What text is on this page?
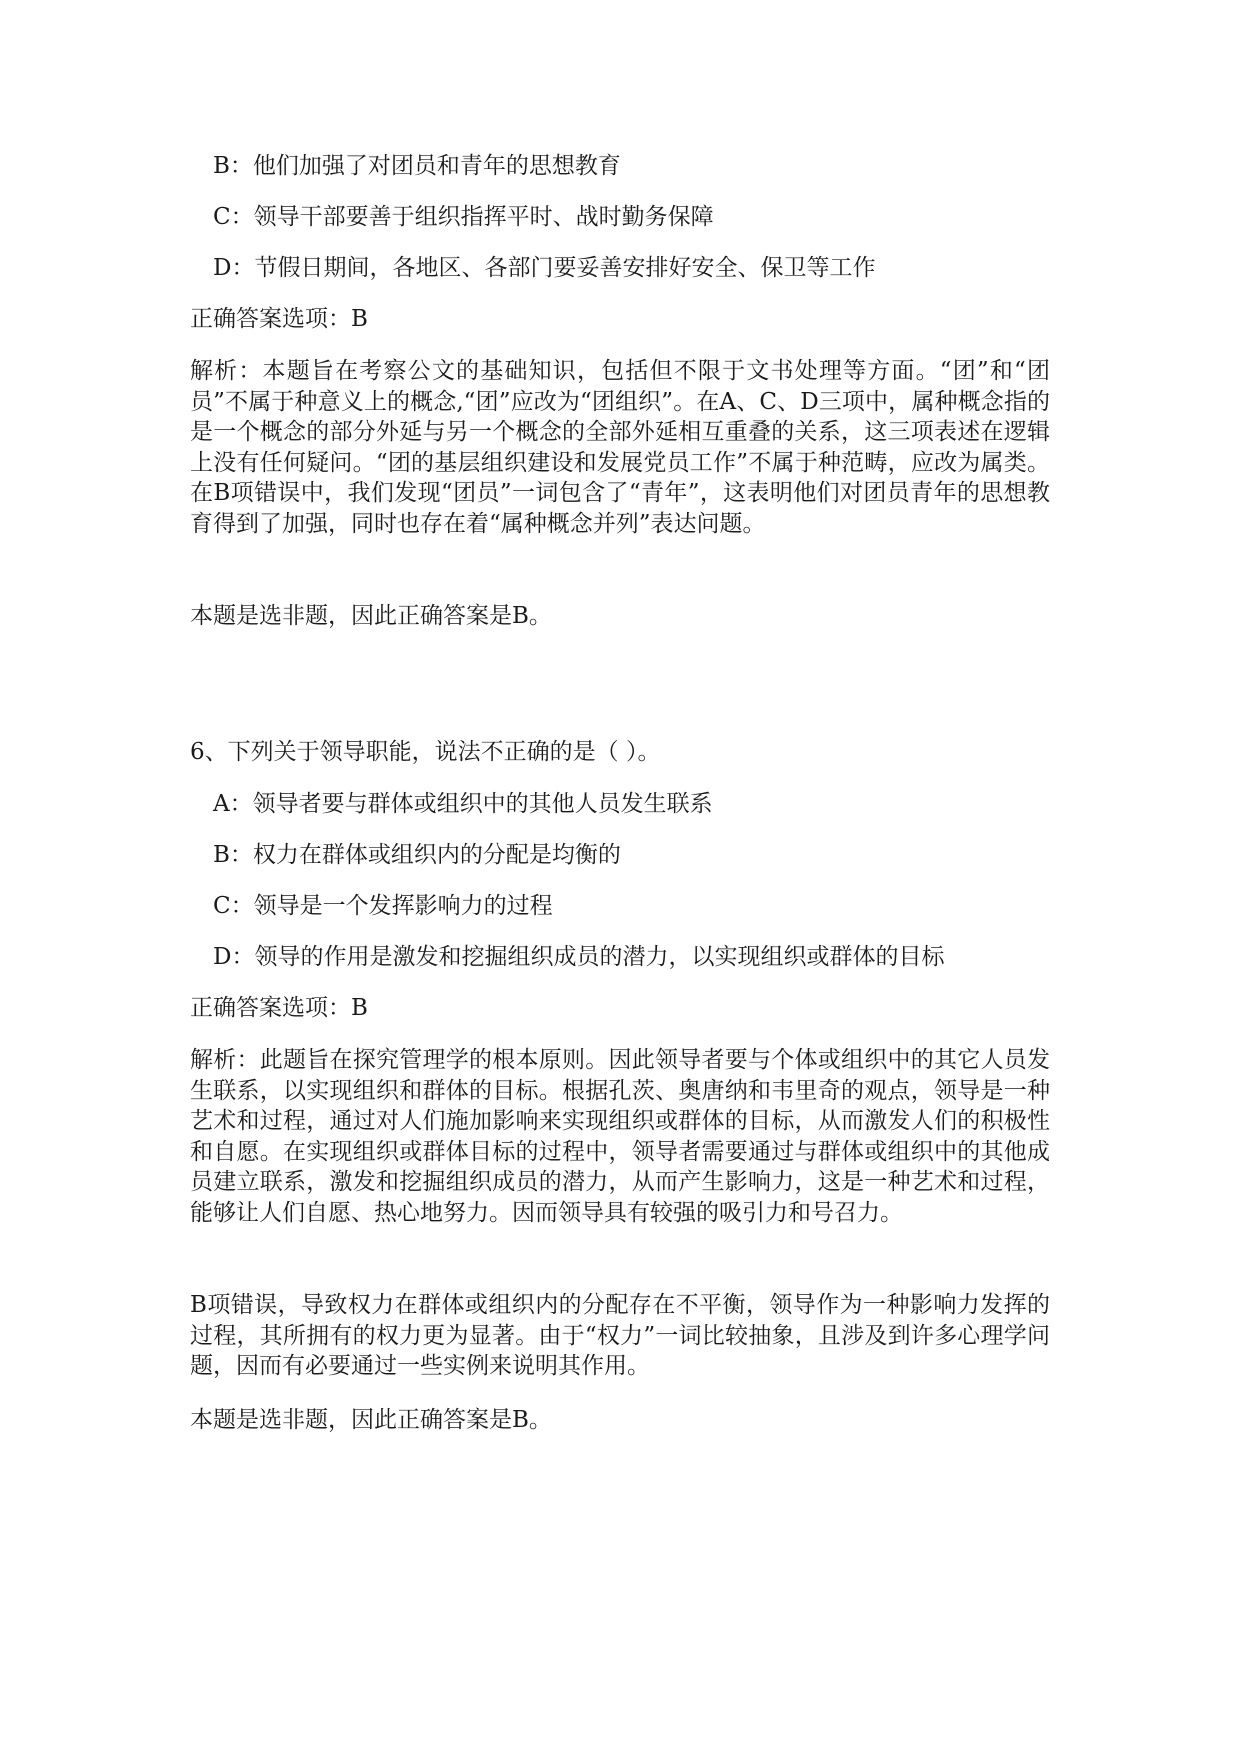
B：他们加强了对团员和青年的思想教育
C：领导干部要善于组织指挥平时、战时勤务保障
D：节假日期间，各地区、各部门要妥善安排好安全、保卫等工作
正确答案选项：B
解析：本题旨在考察公文的基础知识，包括但不限于文书处理等方面。“团”和“团员”不属于种意义上的概念,“团”应改为“团组织”。在A、C、D三项中，属种概念指的是一个概念的部分外延与另一个概念的全部外延相互重叠的关系，这三项表述在逻辑上没有任何疑问。“团的基层组织建设和发展党员工作”不属于种范畴，应改为属类。在B项错误中，我们发现“团员”一词包含了“青年”，这表明他们对团员青年的思想教育得到了加强，同时也存在着“属种概念并列”表达问题。
本题是选非题，因此正确答案是B。
6、下列关于领导职能，说法不正确的是（ ）。
A：领导者要与群体或组织中的其他人员发生联系
B：权力在群体或组织内的分配是均衡的
C：领导是一个发挥影响力的过程
D：领导的作用是激发和挖掘组织成员的潜力，以实现组织或群体的目标
正确答案选项：B
解析：此题旨在探究管理学的根本原则。因此领导者要与个体或组织中的其它人员发生联系，以实现组织和群体的目标。根据孔茨、奥唐纳和韦里奇的观点，领导是一种艺术和过程，通过对人们施加影响来实现组织或群体的目标，从而激发人们的积极性和自愿。在实现组织或群体目标的过程中，领导者需要通过与群体或组织中的其他成员建立联系，激发和挖掘组织成员的潜力，从而产生影响力，这是一种艺术和过程，能够让人们自愿、热心地努力。因而领导具有较强的吸引力和号召力。
B项错误，导致权力在群体或组织内的分配存在不平衡，领导作为一种影响力发挥的过程，其所拥有的权力更为显著。由于“权力”一词比较抽象，且涉及到许多心理学问题，因而有必要通过一些实例来说明其作用。
本题是选非题，因此正确答案是B。
